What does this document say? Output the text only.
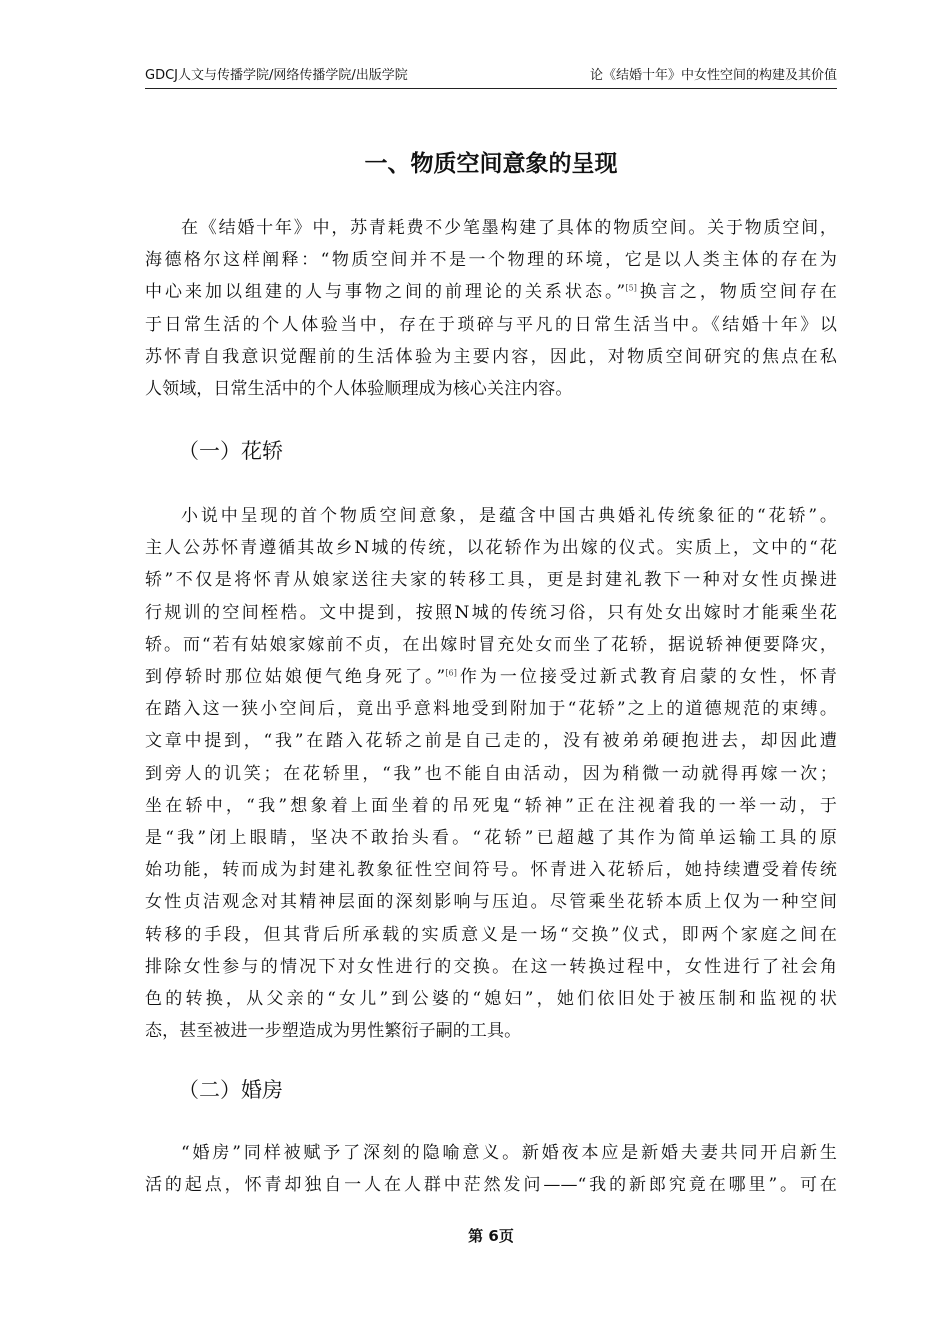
GDCJ人文与传播学院/网络传播学院/出版学院	论《结婚十年》中女性空间的构建及其价值
一、物质空间意象的呈现

在《结婚十年》中，苏青耗费不少笔墨构建了具体的物质空间。关于物质空间，
海德格尔这样阐释：“物质空间并不是一个物理的环境，它是以人类主体的存在为
中心来加以组建的人与事物之间的前理论的关系状态。”[5]换言之，物质空间存在
于日常生活的个人体验当中，存在于琐碎与平凡的日常生活当中。《结婚十年》以
苏怀青自我意识觉醒前的生活体验为主要内容，因此，对物质空间研究的焦点在私
人领域，日常生活中的个人体验顺理成为核心关注内容。

（一）花轿

小说中呈现的首个物质空间意象，是蕴含中国古典婚礼传统象征的“花轿”。
主人公苏怀青遵循其故乡N城的传统，以花轿作为出嫁的仪式。实质上，文中的“花
轿”不仅是将怀青从娘家送往夫家的转移工具，更是封建礼教下一种对女性贞操进
行规训的空间桎梏。文中提到，按照N城的传统习俗，只有处女出嫁时才能乘坐花
轿。而“若有姑娘家嫁前不贞，在出嫁时冒充处女而坐了花轿，据说轿神便要降灾，
到停轿时那位姑娘便气绝身死了。”[6]作为一位接受过新式教育启蒙的女性，怀青
在踏入这一狭小空间后，竟出乎意料地受到附加于“花轿”之上的道德规范的束缚。
文章中提到，“我”在踏入花轿之前是自己走的，没有被弟弟硬抱进去，却因此遭
到旁人的讥笑；在花轿里，“我”也不能自由活动，因为稍微一动就得再嫁一次；
坐在轿中，“我”想象着上面坐着的吊死鬼“轿神”正在注视着我的一举一动，于
是“我”闭上眼睛，坚决不敢抬头看。“花轿”已超越了其作为简单运输工具的原
始功能，转而成为封建礼教象征性空间符号。怀青进入花轿后，她持续遭受着传统
女性贞洁观念对其精神层面的深刻影响与压迫。尽管乘坐花轿本质上仅为一种空间
转移的手段，但其背后所承载的实质意义是一场“交换”仪式，即两个家庭之间在
排除女性参与的情况下对女性进行的交换。在这一转换过程中，女性进行了社会角
色的转换，从父亲的“女儿”到公婆的“媳妇”，她们依旧处于被压制和监视的状
态，甚至被进一步塑造成为男性繁衍子嗣的工具。

（二）婚房

“婚房”同样被赋予了深刻的隐喻意义。新婚夜本应是新婚夫妻共同开启新生
活的起点，怀青却独自一人在人群中茫然发问——“我的新郎究竟在哪里”。可在

第 6页
